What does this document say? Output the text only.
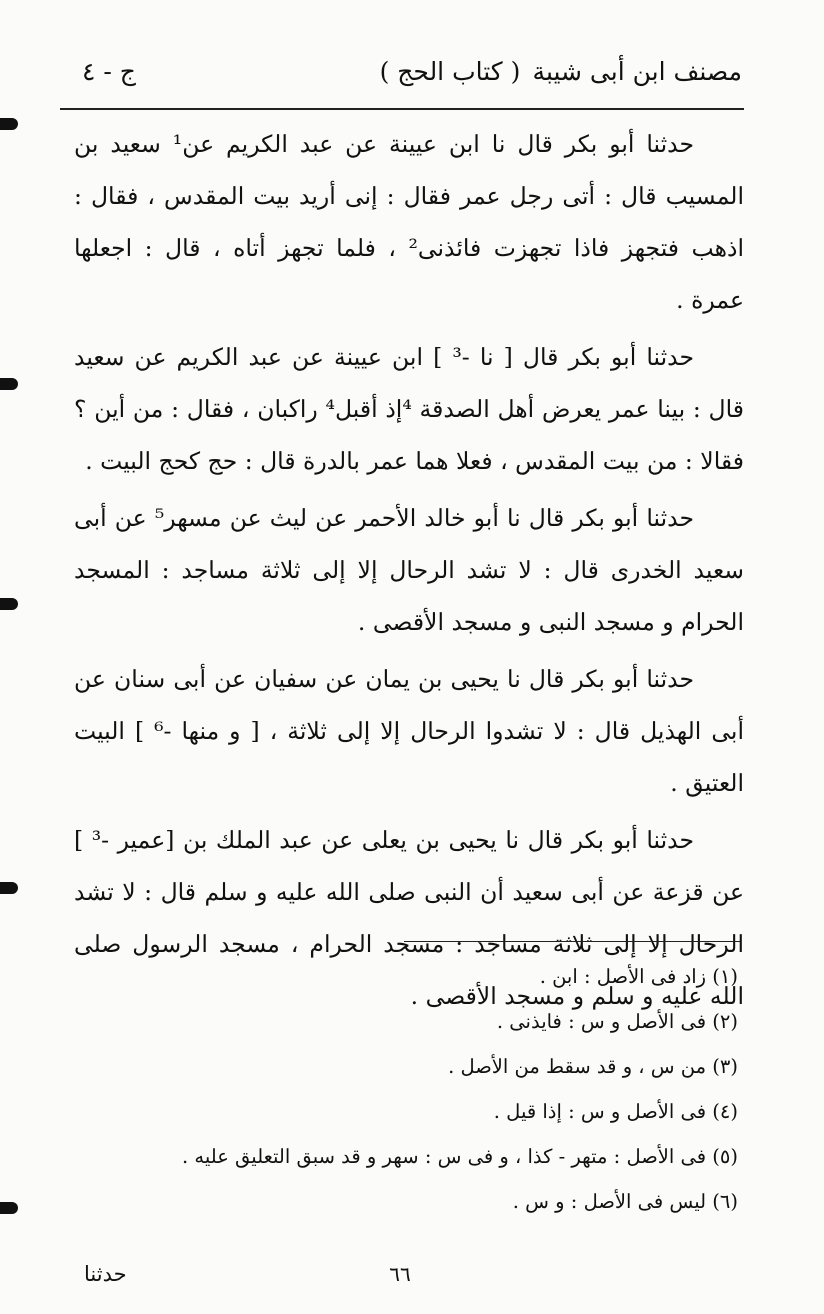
مصنف ابن أبى شيبة
( كتاب الحج )
ج - ٤

حدثنا أبو بكر قال نا ابن عيينة عن عبد الكريم عن¹ سعيد بن المسيب قال : أتى رجل عمر فقال : إنى أريد بيت المقدس ، فقال : اذهب فتجهز فاذا تجهزت فائذنى² ، فلما تجهز أتاه ، قال : اجعلها عمرة .

حدثنا أبو بكر قال [ نا -³ ] ابن عيينة عن عبد الكريم عن سعيد قال : بينا عمر يعرض أهل الصدقة ⁴إذ أقبل⁴ راكبان ، فقال : من أين ؟ فقالا : من بيت المقدس ، فعلا هما عمر بالدرة قال : حج كحج البيت .

حدثنا أبو بكر قال نا أبو خالد الأحمر عن ليث عن مسهر⁵ عن أبى سعيد الخدرى قال : لا تشد الرحال إلا إلى ثلاثة مساجد : المسجد الحرام و مسجد النبى و مسجد الأقصى .

حدثنا أبو بكر قال نا يحيى بن يمان عن سفيان عن أبى سنان عن أبى الهذيل قال : لا تشدوا الرحال إلا إلى ثلاثة ، [ و منها -⁶ ] البيت العتيق .

حدثنا أبو بكر قال نا يحيى بن يعلى عن عبد الملك بن [عمير -³ ] عن قزعة عن أبى سعيد أن النبى صلى الله عليه و سلم قال : لا تشد الرحال إلا إلى ثلاثة مساجد : مسجد الحرام ، مسجد الرسول صلى الله عليه و سلم و مسجد الأقصى .

(١) زاد فى الأصل : ابن .

(٢) فى الأصل و س : فايذنى .

(٣) من س ، و قد سقط من الأصل .

(٤) فى الأصل و س : إذا قيل .

(٥) فى الأصل : متهر - كذا ، و فى س : سهر و قد سبق التعليق عليه .

(٦) ليس فى الأصل : و س .

٦٦
حدثنا
